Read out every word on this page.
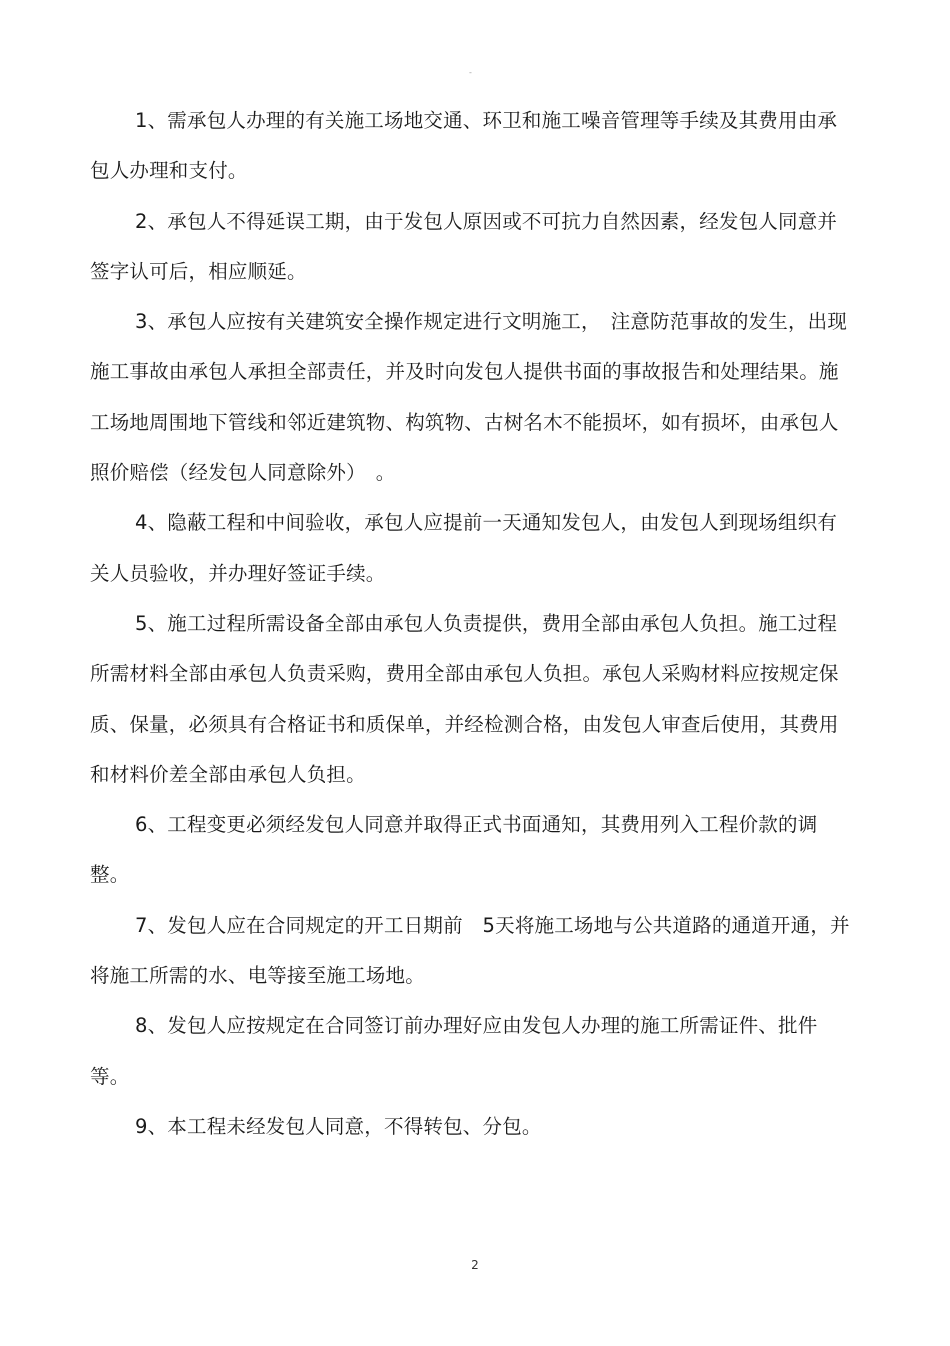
-

1、需承包人办理的有关施工场地交通、环卫和施工噪音管理等手续及其费用由承包人办理和支付。

2、承包人不得延误工期，由于发包人原因或不可抗力自然因素，经发包人同意并签字认可后，相应顺延。

3、承包人应按有关建筑安全操作规定进行文明施工，　注意防范事故的发生，出现施工事故由承包人承担全部责任，并及时向发包人提供书面的事故报告和处理结果。施工场地周围地下管线和邻近建筑物、构筑物、古树名木不能损坏，如有损坏，由承包人照价赔偿（经发包人同意除外）　。

4、隐蔽工程和中间验收，承包人应提前一天通知发包人，由发包人到现场组织有关人员验收，并办理好签证手续。

5、施工过程所需设备全部由承包人负责提供，费用全部由承包人负担。施工过程所需材料全部由承包人负责采购，费用全部由承包人负担。承包人采购材料应按规定保质、保量，必须具有合格证书和质保单，并经检测合格，由发包人审查后使用，其费用和材料价差全部由承包人负担。

6、工程变更必须经发包人同意并取得正式书面通知，其费用列入工程价款的调整。

7、发包人应在合同规定的开工日期前　5天将施工场地与公共道路的通道开通，并将施工所需的水、电等接至施工场地。

8、发包人应按规定在合同签订前办理好应由发包人办理的施工所需证件、批件等。

9、本工程未经发包人同意，不得转包、分包。

2
